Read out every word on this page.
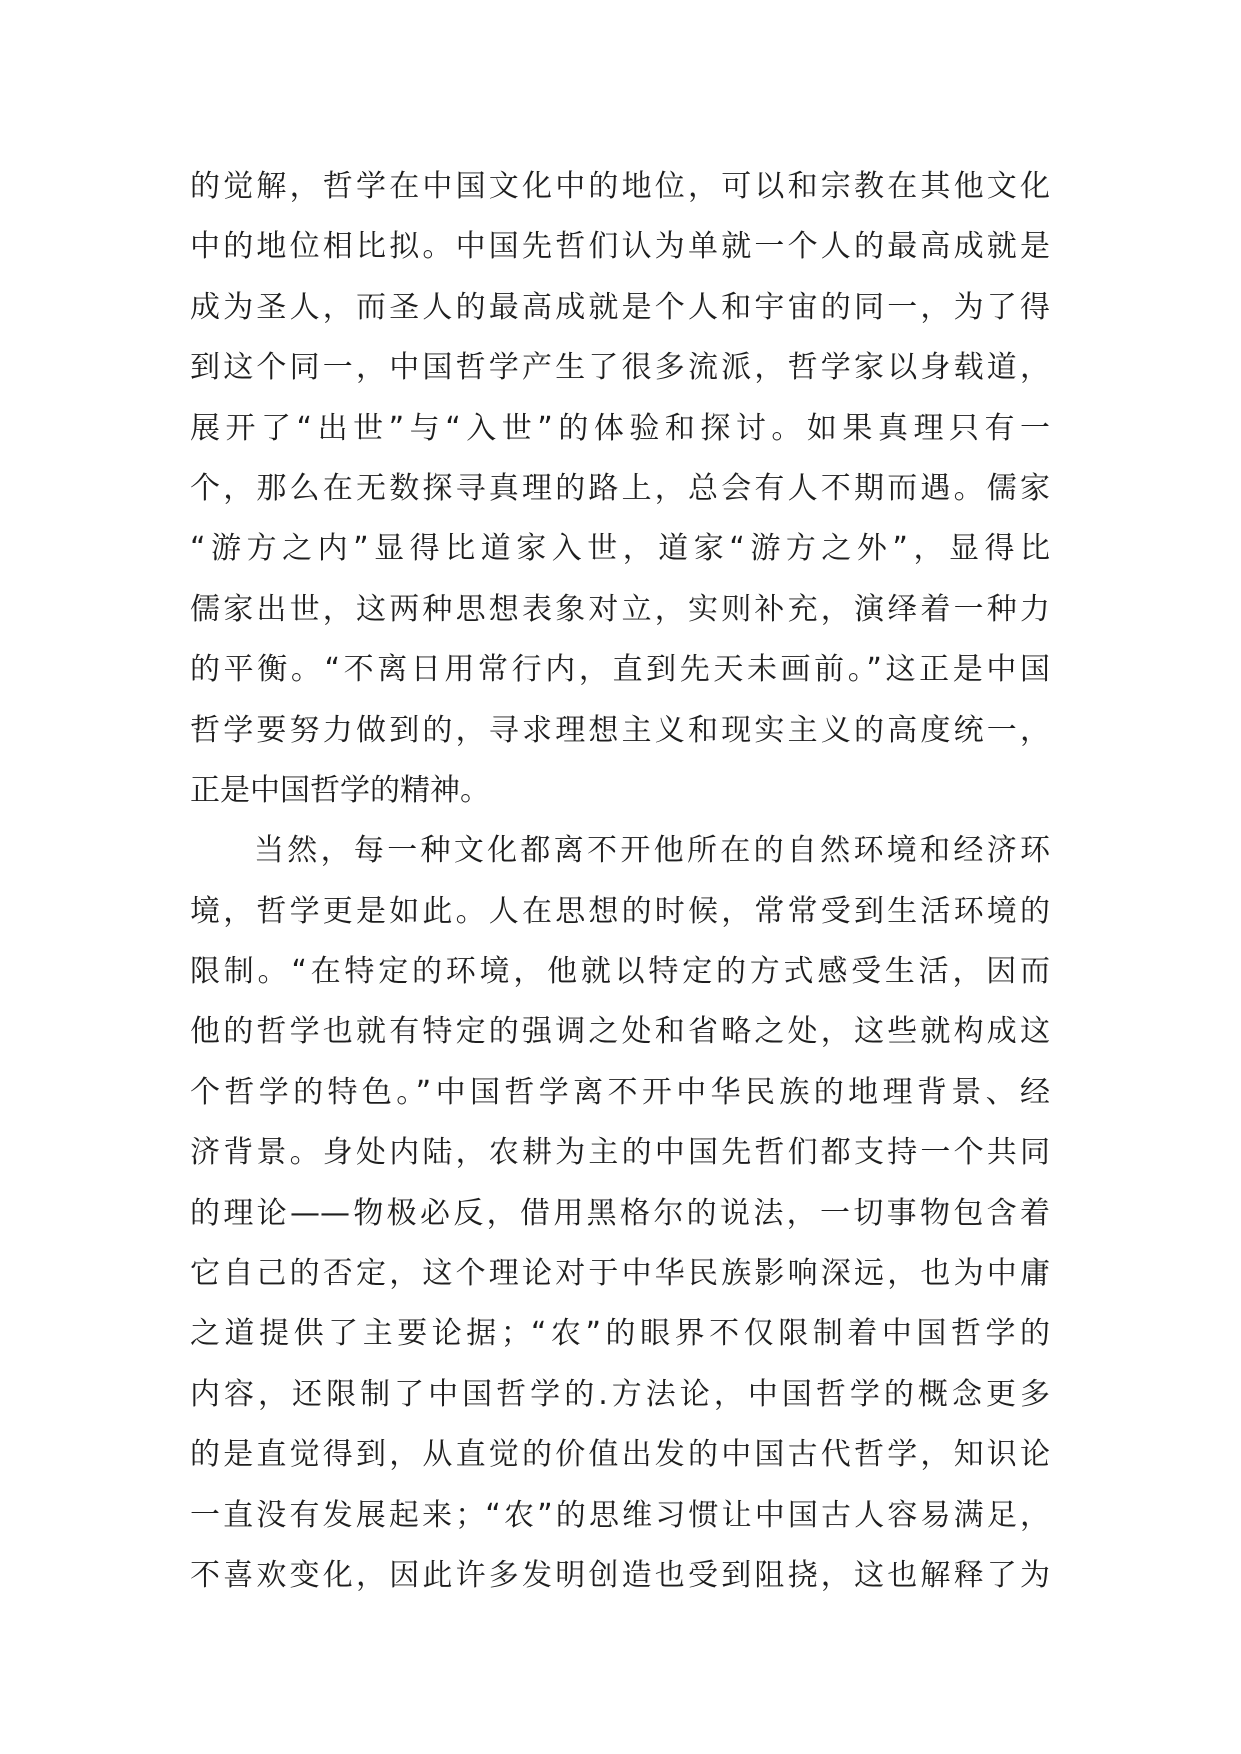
的觉解，哲学在中国文化中的地位，可以和宗教在其他文化
中的地位相比拟。中国先哲们认为单就一个人的最高成就是
成为圣人，而圣人的最高成就是个人和宇宙的同一，为了得
到这个同一，中国哲学产生了很多流派，哲学家以身载道，
展开了“出世”与“入世”的体验和探讨。如果真理只有一
个，那么在无数探寻真理的路上，总会有人不期而遇。儒家
“游方之内”显得比道家入世，道家“游方之外”，显得比
儒家出世，这两种思想表象对立，实则补充，演绎着一种力
的平衡。“不离日用常行内，直到先天未画前。”这正是中国
哲学要努力做到的，寻求理想主义和现实主义的高度统一，
正是中国哲学的精神。
当然，每一种文化都离不开他所在的自然环境和经济环
境，哲学更是如此。人在思想的时候，常常受到生活环境的
限制。“在特定的环境，他就以特定的方式感受生活，因而
他的哲学也就有特定的强调之处和省略之处，这些就构成这
个哲学的特色。”中国哲学离不开中华民族的地理背景、经
济背景。身处内陆，农耕为主的中国先哲们都支持一个共同
的理论——物极必反，借用黑格尔的说法，一切事物包含着
它自己的否定，这个理论对于中华民族影响深远，也为中庸
之道提供了主要论据；“农”的眼界不仅限制着中国哲学的
内容，还限制了中国哲学的.方法论，中国哲学的概念更多
的是直觉得到，从直觉的价值出发的中国古代哲学，知识论
一直没有发展起来；“农”的思维习惯让中国古人容易满足，
不喜欢变化，因此许多发明创造也受到阻挠，这也解释了为
